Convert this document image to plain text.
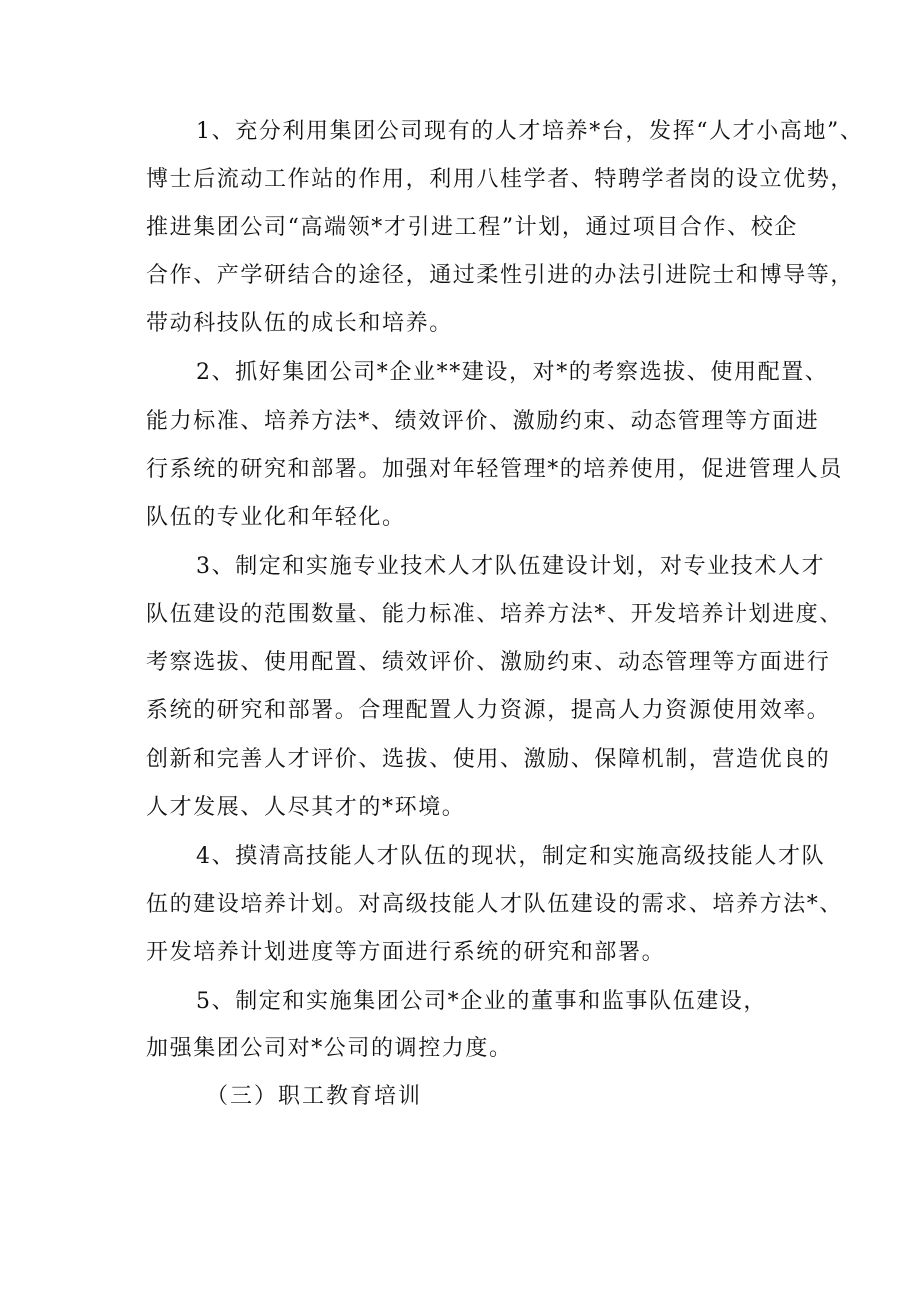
1、充分利用集团公司现有的人才培养*台，发挥“人才小高地”、
博士后流动工作站的作用，利用八桂学者、特聘学者岗的设立优势，
推进集团公司“高端领*才引进工程”计划，通过项目合作、校企
合作、产学研结合的途径，通过柔性引进的办法引进院士和博导等，
带动科技队伍的成长和培养。
2、抓好集团公司*企业**建设，对*的考察选拔、使用配置、
能力标准、培养方法*、绩效评价、激励约束、动态管理等方面进
行系统的研究和部署。加强对年轻管理*的培养使用，促进管理人员
队伍的专业化和年轻化。
3、制定和实施专业技术人才队伍建设计划，对专业技术人才
队伍建设的范围数量、能力标准、培养方法*、开发培养计划进度、
考察选拔、使用配置、绩效评价、激励约束、动态管理等方面进行
系统的研究和部署。合理配置人力资源，提高人力资源使用效率。
创新和完善人才评价、选拔、使用、激励、保障机制，营造优良的
人才发展、人尽其才的*环境。
4、摸清高技能人才队伍的现状，制定和实施高级技能人才队
伍的建设培养计划。对高级技能人才队伍建设的需求、培养方法*、
开发培养计划进度等方面进行系统的研究和部署。
5、制定和实施集团公司*企业的董事和监事队伍建设，
加强集团公司对*公司的调控力度。
（三）职工教育培训
